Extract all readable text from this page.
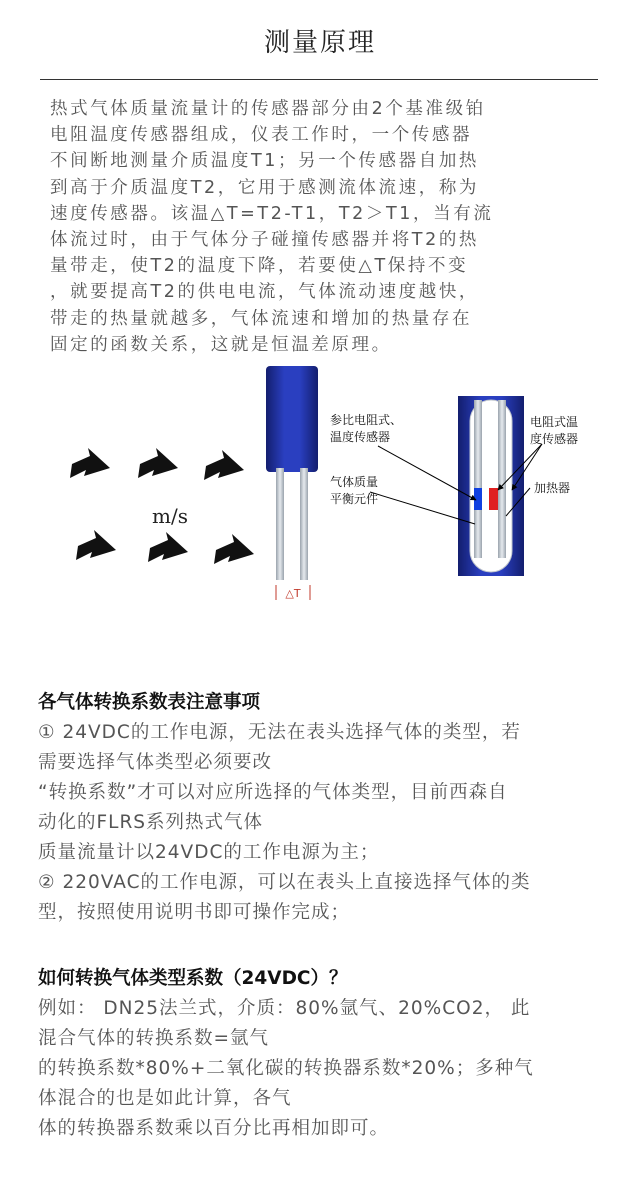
测量原理

热式气体质量流量计的传感器部分由2个基准级铂

电阻温度传感器组成，仪表工作时，一个传感器

不间断地测量介质温度T1；另一个传感器自加热

到高于介质温度T2，它用于感测流体流速，称为

速度传感器。该温△T=T2-T1，T2＞T1，当有流

体流过时，由于气体分子碰撞传感器并将T2的热

量带走，使T2的温度下降，若要使△T保持不变

，就要提高T2的供电电流，气体流动速度越快，

带走的热量就越多，气体流速和增加的热量存在

固定的函数关系，这就是恒温差原理。

m/s
△T
参比电阻式、 温度传感器
气体质量 平衡元件
电阻式温 度传感器
加热器
各气体转换系数表注意事项

① 24VDC的工作电源，无法在表头选择气体的类型，若

需要选择气体类型必须要改

“转换系数”才可以对应所选择的气体类型，目前西森自

动化的FLRS系列热式气体

质量流量计以24VDC的工作电源为主；

② 220VAC的工作电源，可以在表头上直接选择气体的类

型，按照使用说明书即可操作完成；

如何转换气体类型系数（24VDC）？

例如： DN25法兰式，介质：80%氩气、20%CO2， 此

混合气体的转换系数=氩气

的转换系数*80%+二氧化碳的转换器系数*20%；多种气

体混合的也是如此计算，各气

体的转换器系数乘以百分比再相加即可。
